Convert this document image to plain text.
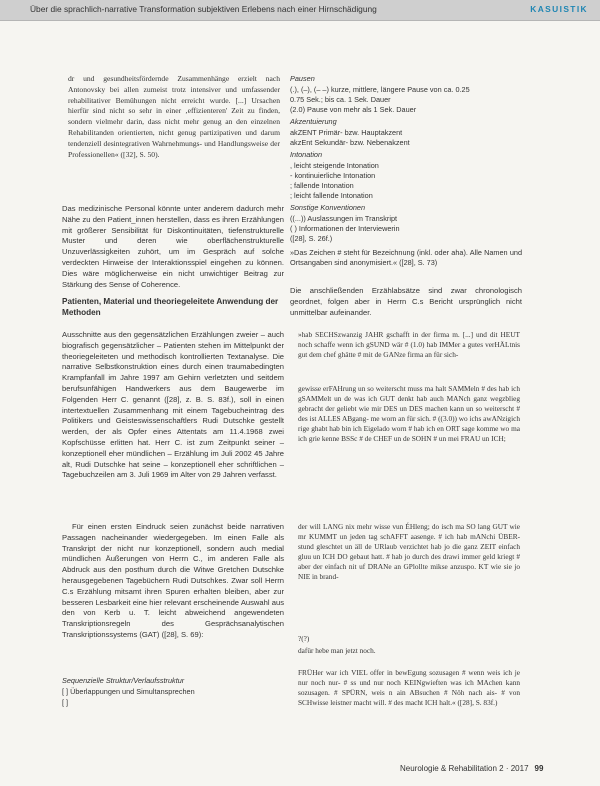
Über die sprachlich-narrative Transformation subjektiven Erlebens nach einer Hirnschädigung	KASUISTIK

dr und gesundheitsfördernde Zusammenhänge erzielt nach Antonovsky bei allen zumeist trotz intensiver und umfassender rehabilitativer Bemühungen nicht erreicht wurde. [...] Ursachen hierfür sind nicht so sehr in einer ‚effizienteren' Zeit zu finden, sondern vielmehr darin, dass nicht mehr genug an den einzelnen Rehabilitanden orientierten, nicht genug partizipativen und darum tendenziell desintegrativen Wahrnehmungs- und Handlungsweise der Professionellen« ([32], S. 50).

Das medizinische Personal könnte unter anderem dadurch mehr Nähe zu den Patient_innen herstellen, dass es ihren Erzählungen mit größerer Sensibilität für Diskontinuitäten, tiefenstrukturelle Muster und deren wie oberflächenstrukturelle Unzuverlässigkeiten zuhört, um im Gespräch auf solche verdeckten Hinweise der Interaktionsspiel eingehen zu können. Dies wäre möglicherweise ein nicht unwichtiger Beitrag zur Stärkung des Sense of Coherence.

Patienten, Material und theoriegeleitete Anwendung der Methoden

Ausschnitte aus den gegensätzlichen Erzählungen zweier – auch biografisch gegensätzlicher – Patienten stehen im Mittelpunkt der theoriegeleiteten und methodisch kontrollierten Textanalyse. Die narrative Selbstkonstruktion eines durch einen traumabedingten Krampfanfall im Jahre 1997 am Gehirn verletzten und seitdem berufsunfähigen Handwerkers aus dem Baugewerbe im Folgenden Herr C. genannt ([28], z. B. S. 83f.), soll in einen intertextuellen Zusammenhang mit einem Tagebucheintrag des Politikers und Geisteswissenschaftlers Rudi Dutschke gestellt werden, der als Opfer eines Attentats am 11.4.1968 zwei Kopfschüsse erlitten hat. Herr C. ist zum Zeitpunkt seiner – konzeptionell eher mündlichen – Erzählung im Juli 2002 45 Jahre alt, Rudi Dutschke hat seine – konzeptionell eher schriftlichen – Tagebuchzeilen am 3. Juli 1969 im Alter von 29 Jahren verfasst.

Für einen ersten Eindruck seien zunächst beide narrativen Passagen nacheinander wiedergegeben. Im einen Falle als Transkript der nicht nur konzeptionell, sondern auch medial mündlichen Äußerungen von Herrn C., im anderen Falle als Abdruck aus den posthum durch die Witwe Gretchen Dutschke herausgegebenen Tagebüchern Rudi Dutschkes. Zwar soll Herrn C.s Erzählung mitsamt ihren Spuren erhalten bleiben, aber zur besseren Lesbarkeit eine hier relevant erscheinende Auswahl aus den von Kerb u. T. leicht abweichend angewendeten Transkriptionsregeln des Gesprächsanalytischen Transkriptionssystems (GAT) ([28], S. 69):

Sequenzielle Struktur/Verlaufsstruktur
[ ] Überlappungen und Simultansprechen
[ ]
Pausen
(.), (–), (– –) kurze, mittlere, längere Pause von ca. 0.25
0.75 Sek.; bis ca. 1 Sek. Dauer
(2.0) Pause von mehr als 1 Sek. Dauer
Akzentuierung
akZENT Primär- bzw. Hauptakzent
akzEnt Sekundär- bzw. Nebenakzent
Intonation
, leicht steigende Intonation
- kontinuierliche Intonation
; fallende Intonation
; leicht fallende Intonation
Sonstige Konventionen
((...)) Auslassungen im Transkript
( ) Informationen der Interviewerin
([28], S. 26f.)

»Das Zeichen # steht für Bezeichnung (inkl. oder aha). Alle Namen und Ortsangaben sind anonymisiert.« ([28], S. 73)

Die anschließenden Erzählabsätze sind zwar chronologisch geordnet, folgen aber in Herrn C.s Bericht ursprünglich nicht unmittelbar aufeinander.

»hab SECHSzwanzig JAHR gschafft in der firma m. [...] und dit HEUT noch schaffe wenn ich gSUND wär # (1.0) hab IMMer a gutes verHÄLtnis gut dem chef ghätte # mit de GANze firma an für sich-

gewisse erFAHrung un so weiterscht muss ma halt SAMMeln # des hab ich gSAMMelt un de was ich GUT denkt hab auch MANch ganz wegzblieg gebracht der geliebt wie mir DES un DES machen kann un so weiterscht # des ist ALLES ABgang- me worn an für sich. # ((3.0)) wo ichs awANzigich rige ghabt hab bin ich Eigelado worn # hab ich en ORT sage komme wo ma ich grie kenne BSSc # de CHEF un de SOHN # un mei FRAU un ICH;

der will LANG nix mehr wisse vun ÉHleng; do isch ma SO lang GUT wie mr KUMMT un jeden tag schAFFT aasenge. # ich hab mANchi ÜBER-stund gleschtet un äll de URlaub verzichtet hab jo die ganz ZEIT einfach gluu un ICH DO gebaut hatt. # hab jo durch des drawi immer geld kriegt # aber der einfach nit uf DRANe an GPlollte mikse anzuspo. KT wie sie jo NIE in brand-

?(?)

dafür hebe man jetzt noch.

FRÜHer war ich VIEL offer in bewEgung sozusagen # wenn weis ich je nur noch nur- # ss und nur noch KEINgwieften was ich MAchen kann sozusagen. # SPÜRN, weis n ain ABsuchen # Nöh nach ais- # von SCHwisse leistner macht will. # des macht ICH halt.« ([28], S. 83f.)

Neurologie & Rehabilitation 2 · 2017 99
